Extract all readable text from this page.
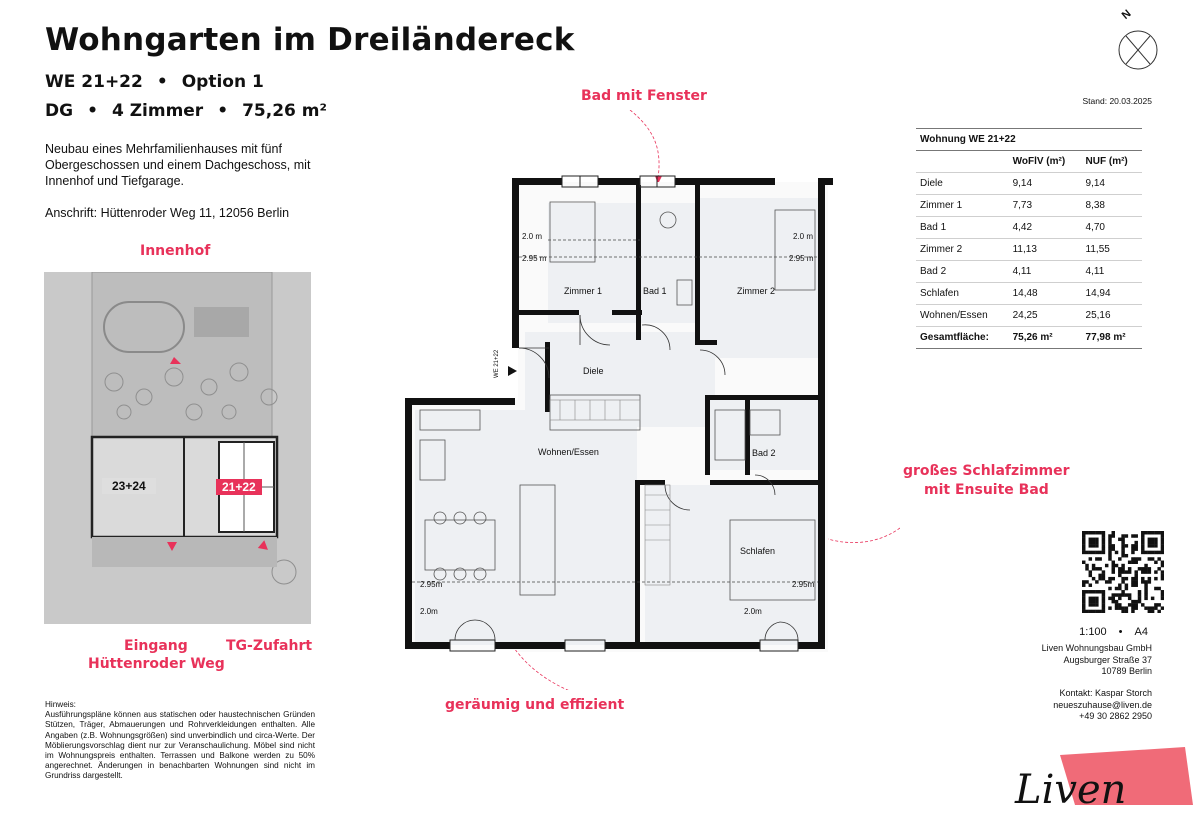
Wohngarten im Dreiländereck
WE 21+22 • Option 1
DG • 4 Zimmer • 75,26 m²
Neubau eines Mehrfamilienhauses mit fünf Obergeschossen und einem Dachgeschoss, mit Innenhof und Tiefgarage.
Anschrift: Hüttenroder Weg 11, 12056 Berlin
Innenhof
23+24	21+22
Eingang
Hüttenroder Weg
TG-Zufahrt
Hinweis:
Ausführungspläne können aus statischen oder haustechnischen Gründen Stützen, Träger, Abmauerungen und Rohrverkleidungen enthalten. Alle Angaben (z.B. Wohnungsgrößen) sind unverbindlich und circa-Werte. Der Möblierungsvorschlag dient nur zur Veranschaulichung. Möbel sind nicht im Wohnungspreis enthalten. Terrassen und Balkone werden zu 50% angerechnet. Änderungen in benachbarten Wohnungen sind nicht im Grundriss dargestellt.
Bad mit Fenster
großes Schlafzimmer
mit Ensuite Bad
geräumig und effizient
WE 21+22
Zimmer 1	Bad 1	Zimmer 2
Diele
Wohnen/Essen	Bad 2
Schlafen
2.0 m
2.95 m
2.0 m
2.95 m
2.95m
2.0m
2.95m
2.0m
N
Stand: 20.03.2025
Wohnung WE 21+22		
	WoFlV (m²)	NUF (m²)
Diele	9,14	9,14
Zimmer 1	7,73	8,38
Bad 1	4,42	4,70
Zimmer 2	11,13	11,55
Bad 2	4,11	4,11
Schlafen	14,48	14,94
Wohnen/Essen	24,25	25,16
Gesamtfläche:	75,26 m²	77,98 m²
1:100 • A4
Liven Wohnungsbau GmbH
Augsburger Straße 37
10789 Berlin
Kontakt: Kaspar Storch
neueszuhause@liven.de
+49 30 2862 2950
Liven
